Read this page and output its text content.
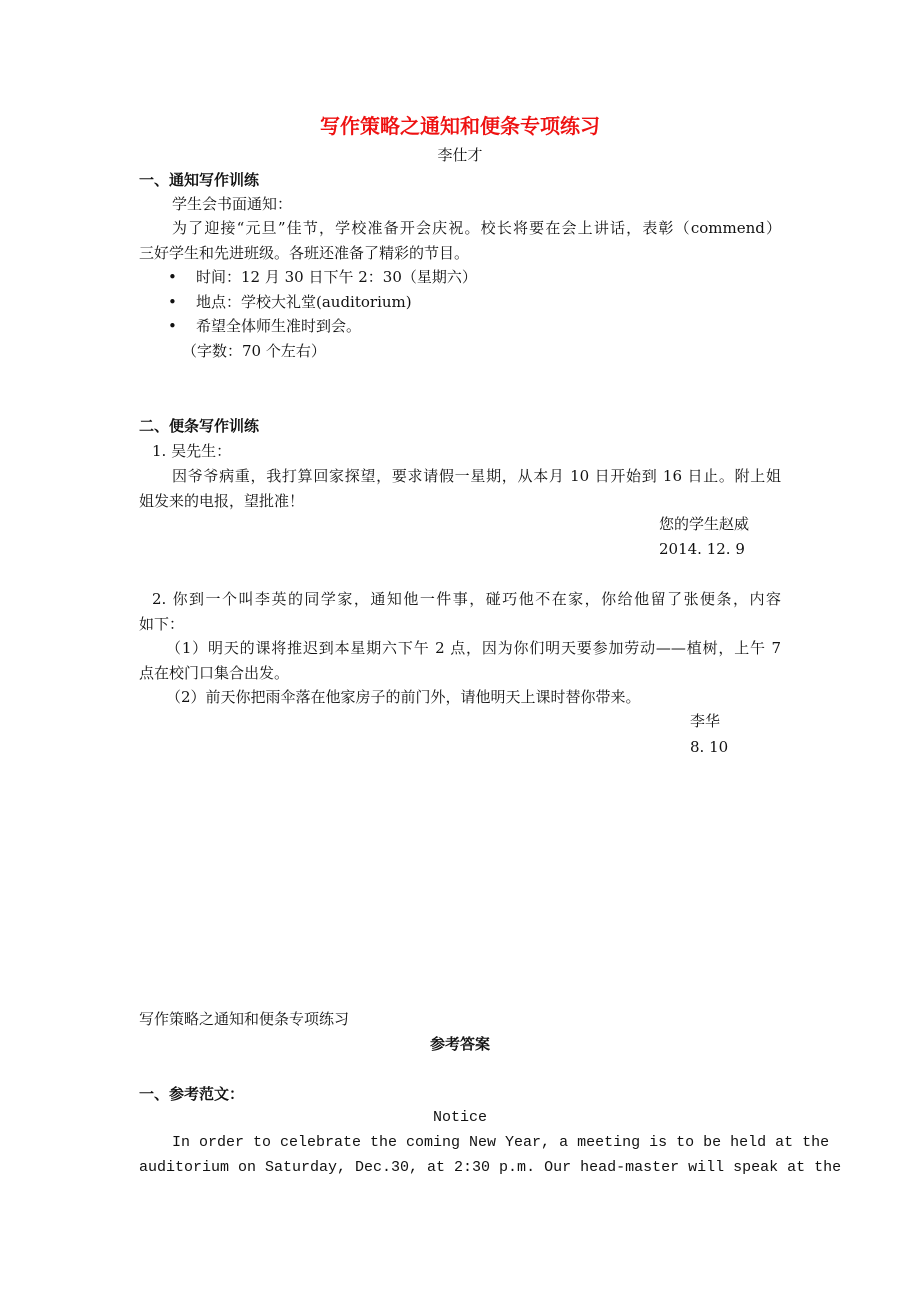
写作策略之通知和便条专项练习
李仕才
一、通知写作训练
学生会书面通知：
为了迎接“元旦”佳节，学校准备开会庆祝。校长将要在会上讲话，表彰（commend）
三好学生和先进班级。各班还准备了精彩的节目。
• 时间：12 月 30 日下午 2：30（星期六）
• 地点：学校大礼堂(auditorium)
• 希望全体师生准时到会。
（字数：70 个左右）
二、便条写作训练
1. 吴先生：
因爷爷病重，我打算回家探望，要求请假一星期，从本月 10 日开始到 16 日止。附上姐
姐发来的电报，望批准！
您的学生赵威
2014. 12. 9
2. 你到一个叫李英的同学家，通知他一件事，碰巧他不在家，你给他留了张便条，内容
如下：
（1）明天的课将推迟到本星期六下午 2 点，因为你们明天要参加劳动——植树，上午 7
点在校门口集合出发。
（2）前天你把雨伞落在他家房子的前门外，请他明天上课时替你带来。
李华
8. 10
写作策略之通知和便条专项练习
参考答案
一、参考范文：
Notice
In order to celebrate the coming New Year, a meeting is to be held at the
auditorium on Saturday, Dec.30, at 2:30 p.m. Our head-master will speak at the
